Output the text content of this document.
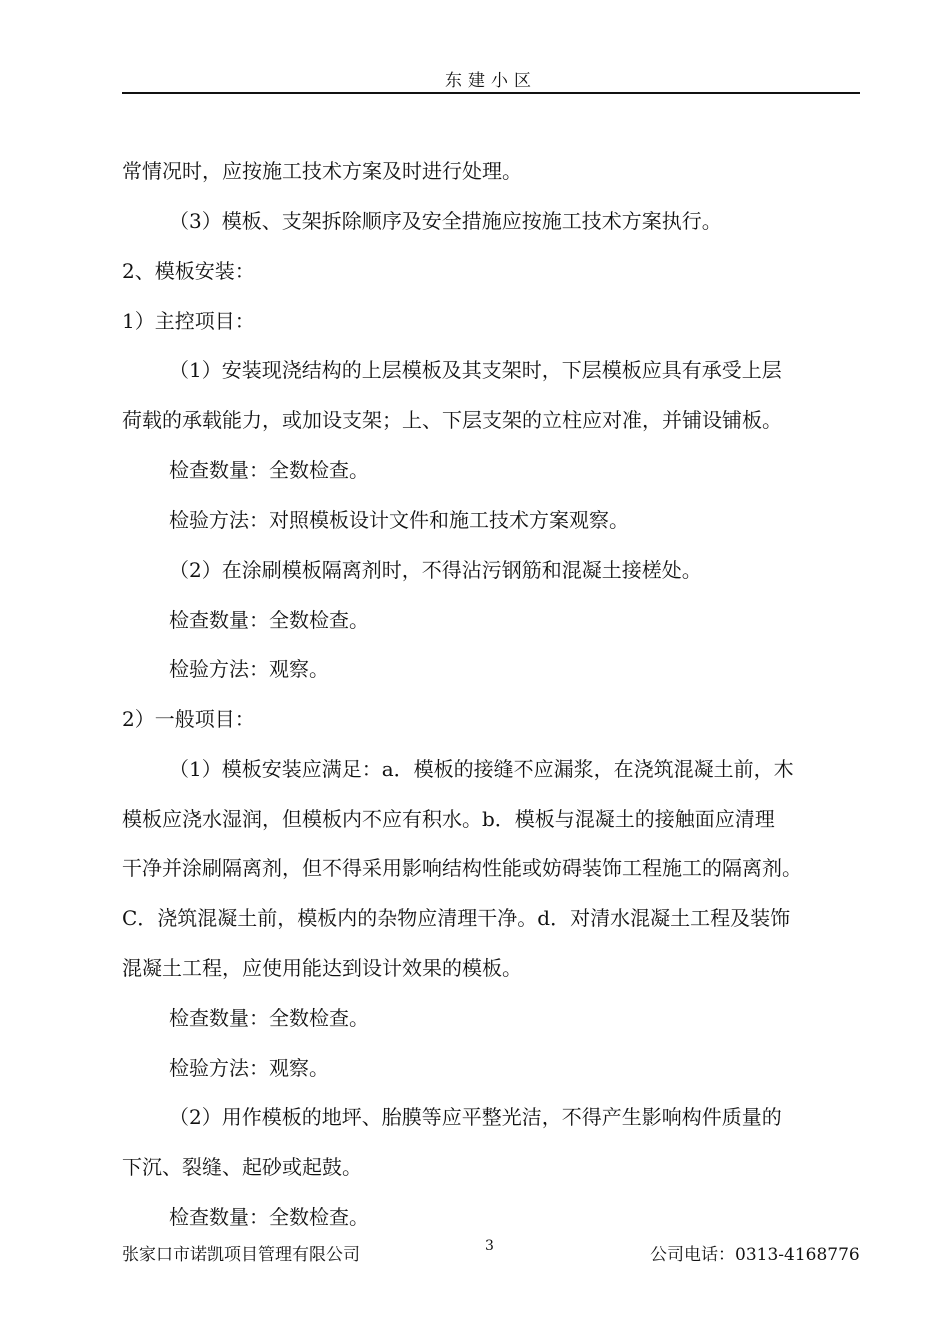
东建小区
常情况时，应按施工技术方案及时进行处理。
（3）模板、支架拆除顺序及安全措施应按施工技术方案执行。
2、模板安装：
1）主控项目：
（1）安装现浇结构的上层模板及其支架时，下层模板应具有承受上层
荷载的承载能力，或加设支架；上、下层支架的立柱应对准，并铺设铺板。
检查数量：全数检查。
检验方法：对照模板设计文件和施工技术方案观察。
（2）在涂刷模板隔离剂时，不得沾污钢筋和混凝土接槎处。
检查数量：全数检查。
检验方法：观察。
2）一般项目：
（1）模板安装应满足：a．模板的接缝不应漏浆，在浇筑混凝土前，木
模板应浇水湿润，但模板内不应有积水。b．模板与混凝土的接触面应清理
干净并涂刷隔离剂，但不得采用影响结构性能或妨碍装饰工程施工的隔离剂。
C．浇筑混凝土前，模板内的杂物应清理干净。d．对清水混凝土工程及装饰
混凝土工程，应使用能达到设计效果的模板。
检查数量：全数检查。
检验方法：观察。
（2）用作模板的地坪、胎膜等应平整光洁，不得产生影响构件质量的
下沉、裂缝、起砂或起鼓。
检查数量：全数检查。
张家口市诺凯项目管理有限公司	3	公司电话：0313-4168776
